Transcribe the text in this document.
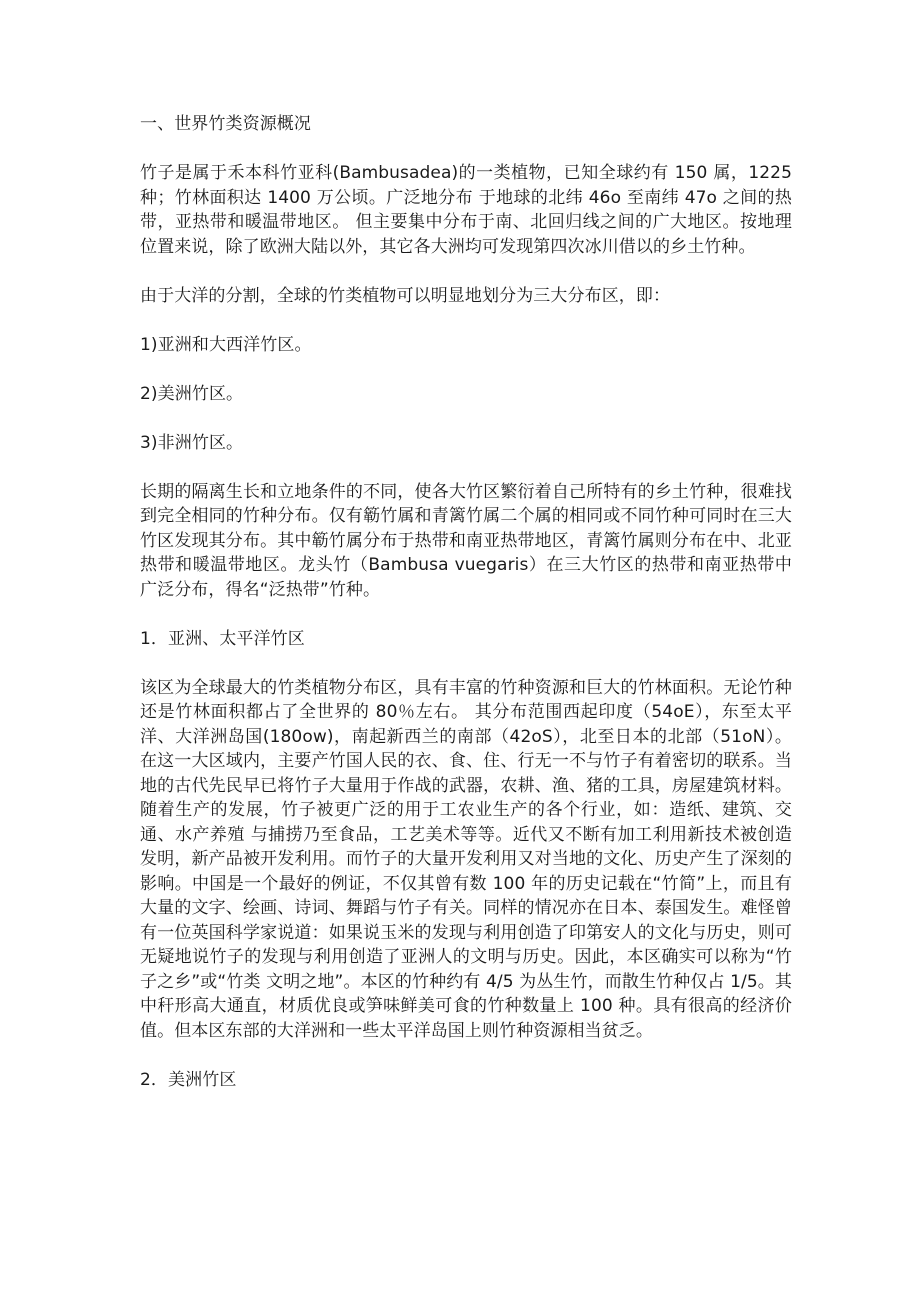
一、世界竹类资源概况

竹子是属于禾本科竹亚科(Bambusadea)的一类植物，已知全球约有 150 属，1225 种；竹林面积达 1400 万公顷。广泛地分布 于地球的北纬 46o 至南纬 47o 之间的热带，亚热带和暖温带地区。 但主要集中分布于南、北回归线之间的广大地区。按地理位置来说，除了欧洲大陆以外，其它各大洲均可发现第四次冰川借以的乡土竹种。

由于大洋的分割，全球的竹类植物可以明显地划分为三大分布区，即：

1)亚洲和大西洋竹区。

2)美洲竹区。

3)非洲竹区。

长期的隔离生长和立地条件的不同，使各大竹区繁衍着自己所特有的乡土竹种，很难找到完全相同的竹种分布。仅有簕竹属和青篱竹属二个属的相同或不同竹种可同时在三大竹区发现其分布。其中簕竹属分布于热带和南亚热带地区，青篱竹属则分布在中、北亚热带和暖温带地区。龙头竹（Bambusa vuegaris）在三大竹区的热带和南亚热带中广泛分布，得名“泛热带”竹种。

1．亚洲、太平洋竹区

该区为全球最大的竹类植物分布区，具有丰富的竹种资源和巨大的竹林面积。无论竹种还是竹林面积都占了全世界的 80％左右。 其分布范围西起印度（54oE），东至太平洋、大洋洲岛国(180ow)，南起新西兰的南部（42oS），北至日本的北部（51oN）。在这一大区域内，主要产竹国人民的衣、食、住、行无一不与竹子有着密切的联系。当地的古代先民早已将竹子大量用于作战的武器，农耕、渔、猪的工具，房屋建筑材料。随着生产的发展，竹子被更广泛的用于工农业生产的各个行业，如：造纸、建筑、交通、水产养殖 与捕捞乃至食品，工艺美术等等。近代又不断有加工利用新技术被创造发明，新产品被开发利用。而竹子的大量开发利用又对当地的文化、历史产生了深刻的影响。中国是一个最好的例证，不仅其曾有数 100 年的历史记载在“竹简”上，而且有大量的文字、绘画、诗词、舞蹈与竹子有关。同样的情况亦在日本、泰国发生。难怪曾有一位英国科学家说道：如果说玉米的发现与利用创造了印第安人的文化与历史，则可无疑地说竹子的发现与利用创造了亚洲人的文明与历史。因此，本区确实可以称为“竹子之乡”或“竹类 文明之地”。本区的竹种约有 4/5 为丛生竹，而散生竹种仅占 1/5。其中秆形高大通直，材质优良或笋味鲜美可食的竹种数量上 100 种。具有很高的经济价值。但本区东部的大洋洲和一些太平洋岛国上则竹种资源相当贫乏。

2．美洲竹区
